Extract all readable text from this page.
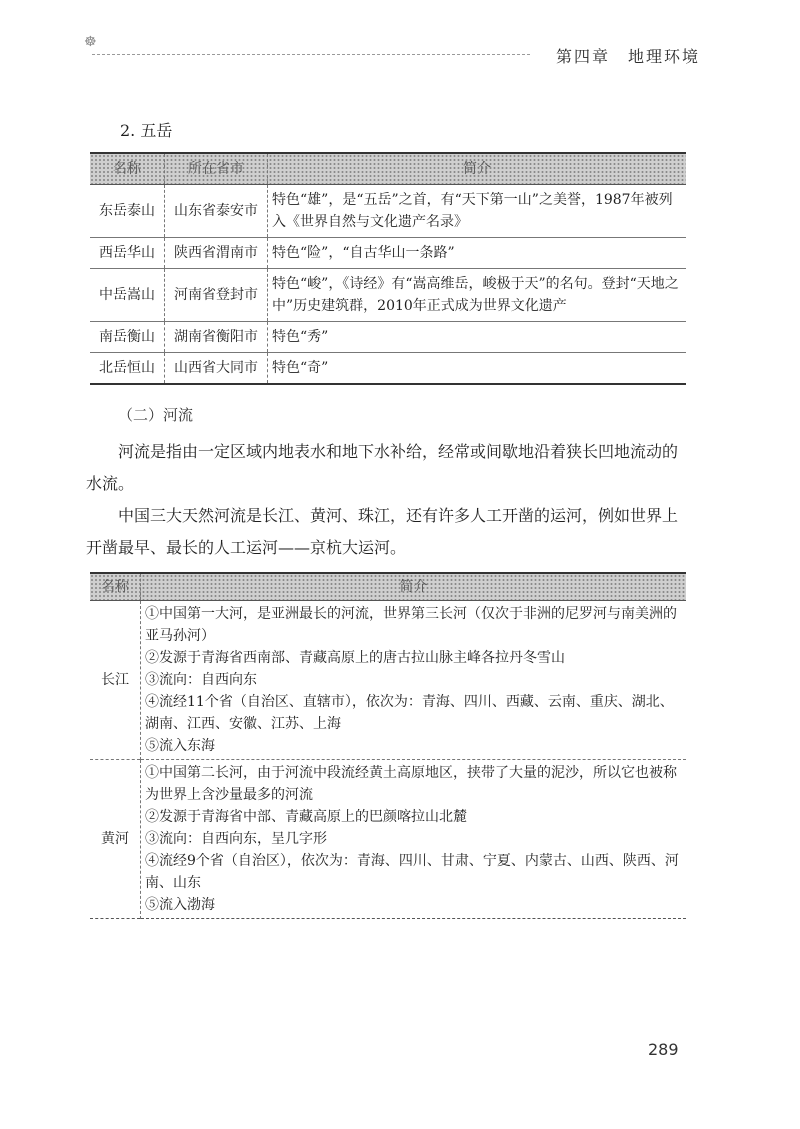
☸
第四章　地理环境
2. 五岳
名称	所在省市	简介
东岳泰山	山东省泰安市	特色“雄”，是“五岳”之首，有“天下第一山”之美誉，1987年被列入《世界自然与文化遗产名录》
西岳华山	陕西省渭南市	特色“险”，“自古华山一条路”
中岳嵩山	河南省登封市	特色“峻”，《诗经》有“嵩高维岳，峻极于天”的名句。登封“天地之中”历史建筑群，2010年正式成为世界文化遗产
南岳衡山	湖南省衡阳市	特色“秀”
北岳恒山	山西省大同市	特色“奇”
（二）河流

河流是指由一定区域内地表水和地下水补给，经常或间歇地沿着狭长凹地流动的水流。

中国三大天然河流是长江、黄河、珠江，还有许多人工开凿的运河，例如世界上开凿最早、最长的人工运河——京杭大运河。

名称	简介
长江	①中国第一大河，是亚洲最长的河流，世界第三长河（仅次于非洲的尼罗河与南美洲的亚马孙河）
②发源于青海省西南部、青藏高原上的唐古拉山脉主峰各拉丹冬雪山
③流向：自西向东
④流经11个省（自治区、直辖市），依次为：青海、四川、西藏、云南、重庆、湖北、湖南、江西、安徽、江苏、上海
⑤流入东海

黄河	①中国第二长河，由于河流中段流经黄土高原地区，挟带了大量的泥沙，所以它也被称为世界上含沙量最多的河流
②发源于青海省中部、青藏高原上的巴颜喀拉山北麓
③流向：自西向东，呈几字形
④流经9个省（自治区），依次为：青海、四川、甘肃、宁夏、内蒙古、山西、陕西、河南、山东
⑤流入渤海
289
